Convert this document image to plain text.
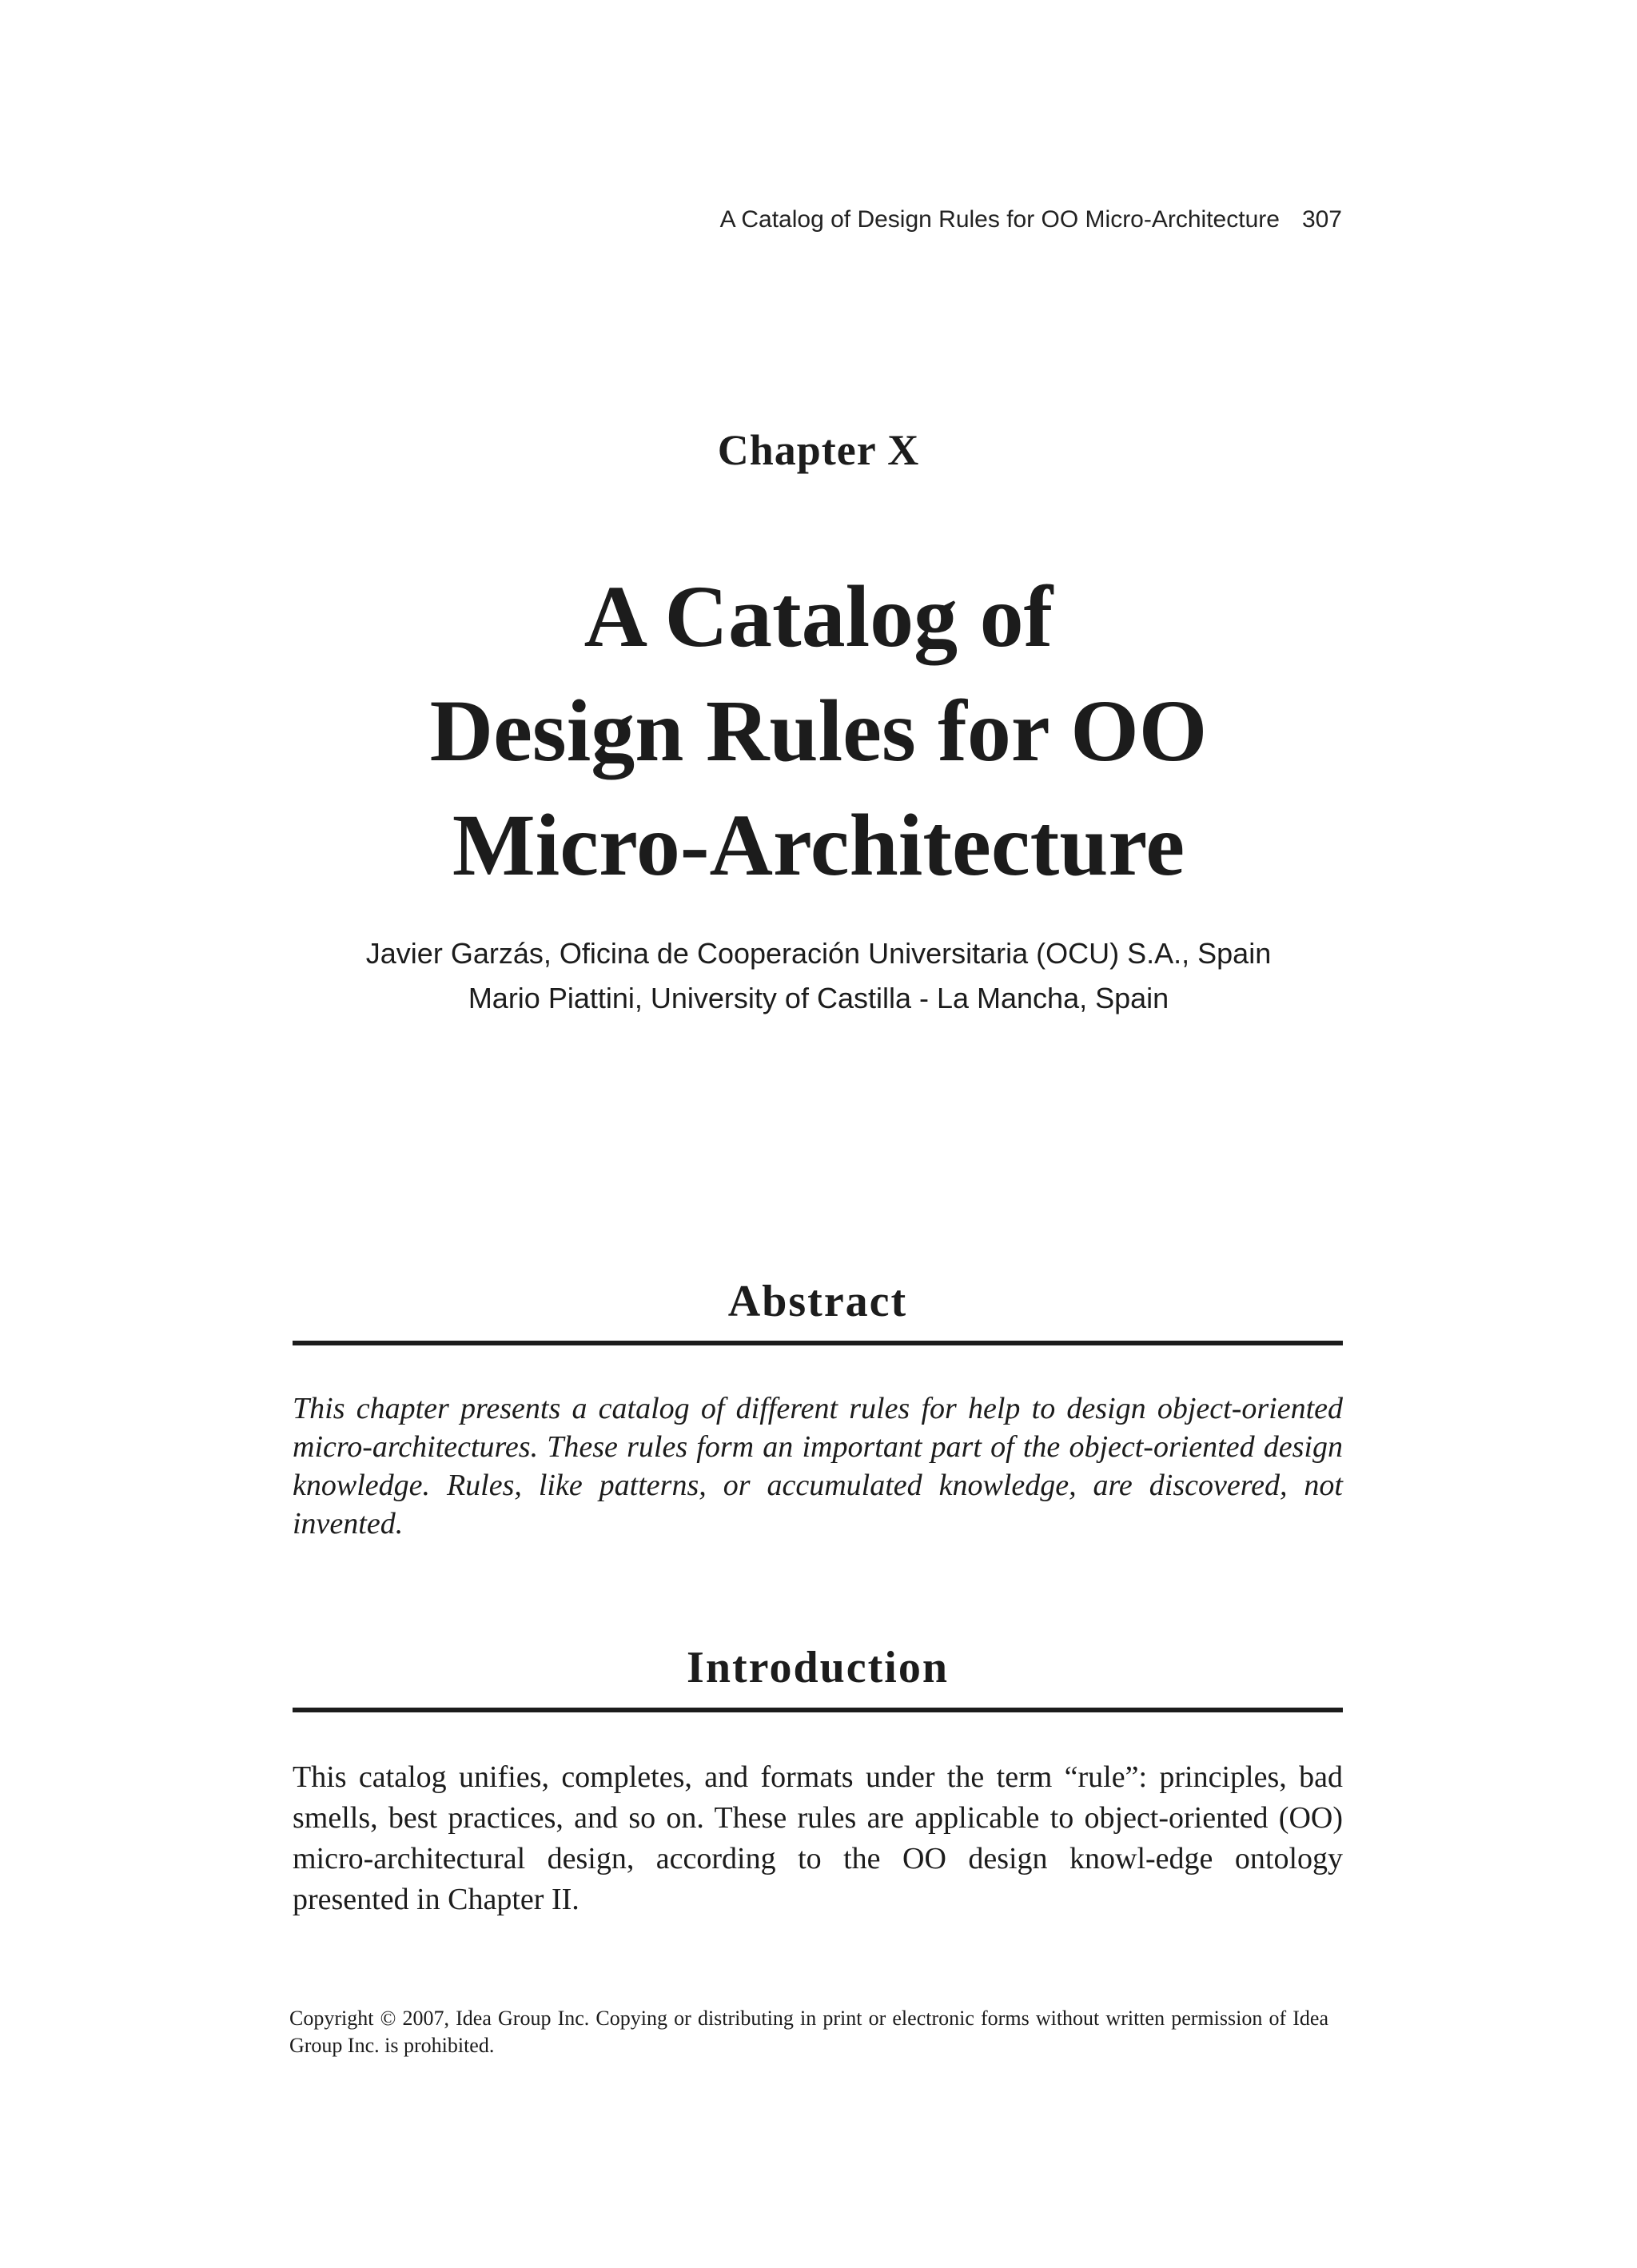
A Catalog of Design Rules for OO Micro-Architecture 307
Chapter X
A Catalog of
Design Rules for OO
Micro-Architecture
Javier Garzás, Oficina de Cooperación Universitaria (OCU) S.A., Spain
Mario Piattini, University of Castilla - La Mancha, Spain
Abstract

This chapter presents a catalog of different rules for help to design object-oriented micro-architectures. These rules form an important part of the object-oriented design knowledge. Rules, like patterns, or accumulated knowledge, are discovered, not invented.

Introduction

This catalog unifies, completes, and formats under the term “rule”: principles, bad smells, best practices, and so on. These rules are applicable to object-oriented (OO) micro-architectural design, according to the OO design knowl-edge ontology presented in Chapter II.

Copyright © 2007, Idea Group Inc. Copying or distributing in print or electronic forms without written permission of Idea Group Inc. is prohibited.
